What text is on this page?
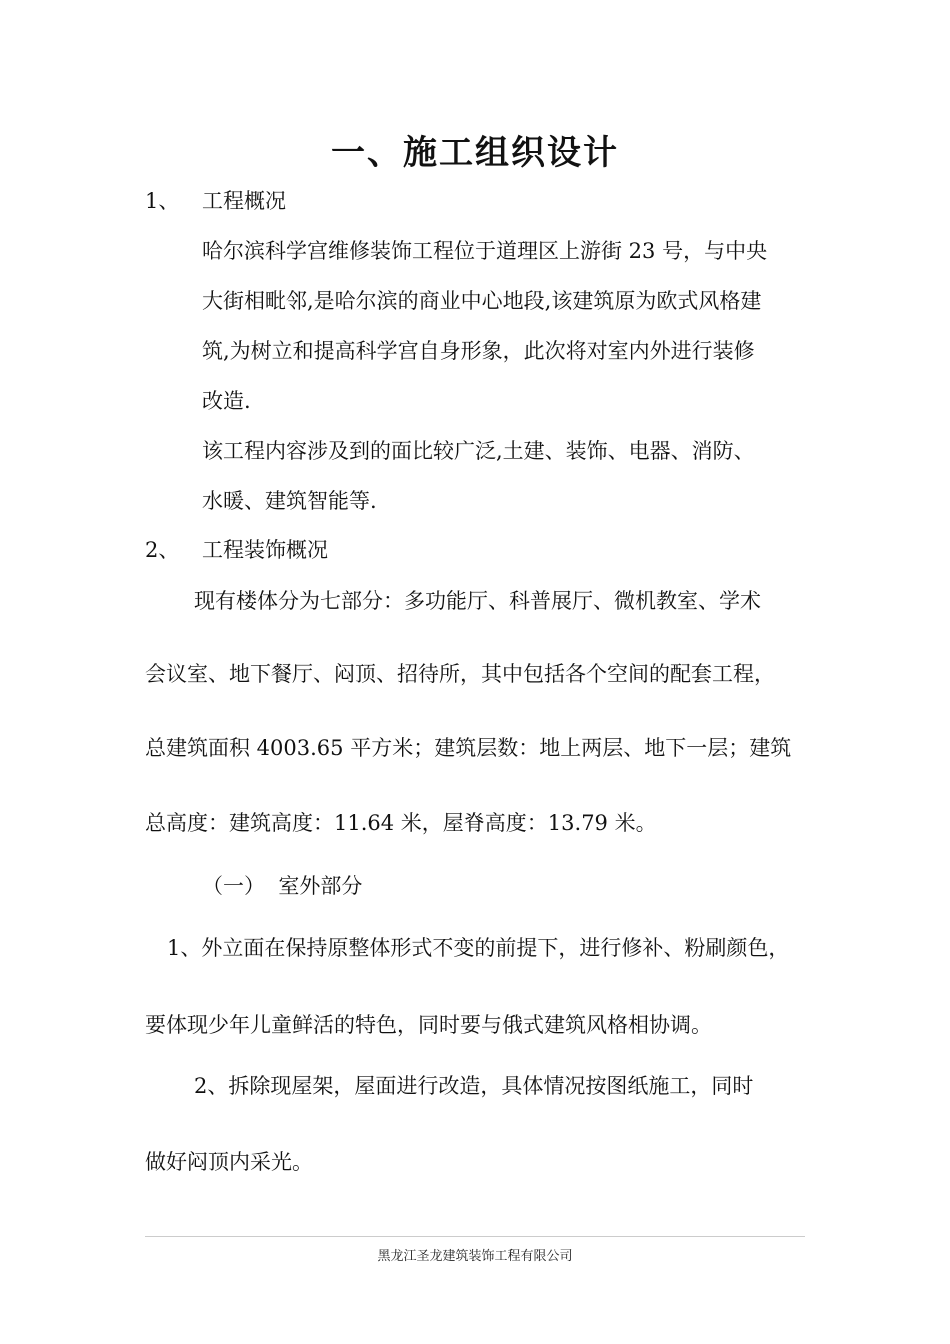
一、施工组织设计
1、 工程概况
哈尔滨科学宫维修装饰工程位于道理区上游街 23 号，与中央
大街相毗邻,是哈尔滨的商业中心地段,该建筑原为欧式风格建
筑,为树立和提高科学宫自身形象，此次将对室内外进行装修
改造.
该工程内容涉及到的面比较广泛,土建、装饰、电器、消防、
水暖、建筑智能等.
2、 工程装饰概况
现有楼体分为七部分：多功能厅、科普展厅、微机教室、学术
会议室、地下餐厅、闷顶、招待所，其中包括各个空间的配套工程，
总建筑面积 4003.65 平方米；建筑层数：地上两层、地下一层；建筑
总高度：建筑高度：11.64 米，屋脊高度：13.79 米。
（一）  室外部分
1、外立面在保持原整体形式不变的前提下，进行修补、粉刷颜色，
要体现少年儿童鲜活的特色，同时要与俄式建筑风格相协调。
2、拆除现屋架，屋面进行改造，具体情况按图纸施工，同时
做好闷顶内采光。
黑龙江圣龙建筑装饰工程有限公司
